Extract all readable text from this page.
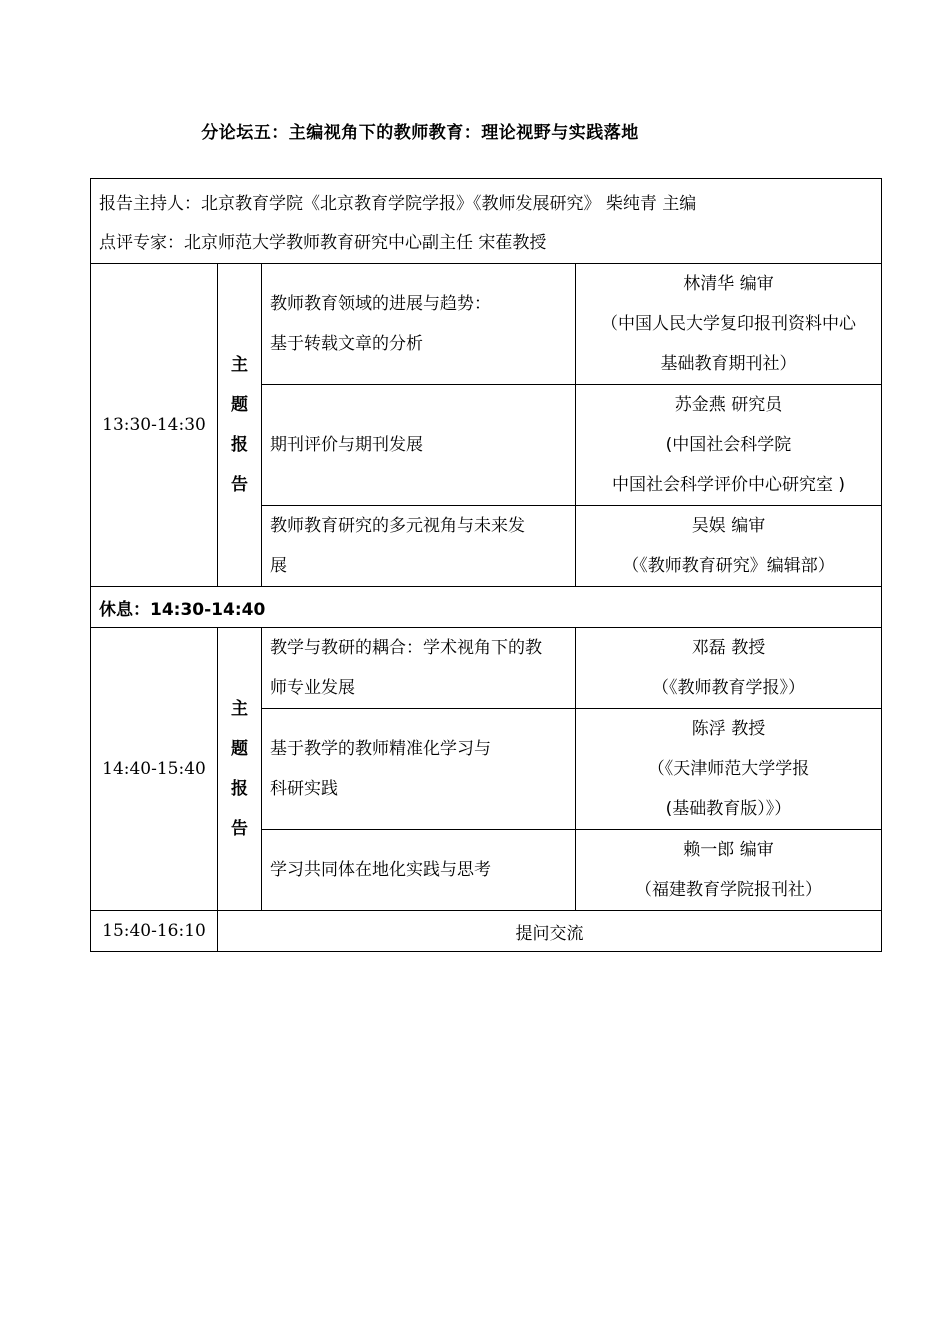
分论坛五：主编视角下的教师教育：理论视野与实践落地
报告主持人：北京教育学院《北京教育学院学报》《教师发展研究》 柴纯青 主编
点评专家：北京师范大学教师教育研究中心副主任 宋萑教授			

13:30-14:30	主
题
报
告	教师教育领域的进展与趋势：
基于转载文章的分析	林清华 编审
（中国人民大学复印报刊资料中心
基础教育期刊社）

		期刊评价与期刊发展	苏金燕 研究员
(中国社会科学院
中国社会科学评价中心研究室 )

		教师教育研究的多元视角与未来发
展	吴娱 编审
（《教师教育研究》编辑部）

休息：14:30-14:40			
14:40-15:40	主
题
报
告	教学与教研的耦合：学术视角下的教
师专业发展	邓磊 教授
（《教师教育学报》）

		基于教学的教师精准化学习与
科研实践	陈浮 教授
（《天津师范大学学报
(基础教育版）》）

		学习共同体在地化实践与思考	赖一郎 编审
（福建教育学院报刊社）

15:40-16:10	提问交流		
